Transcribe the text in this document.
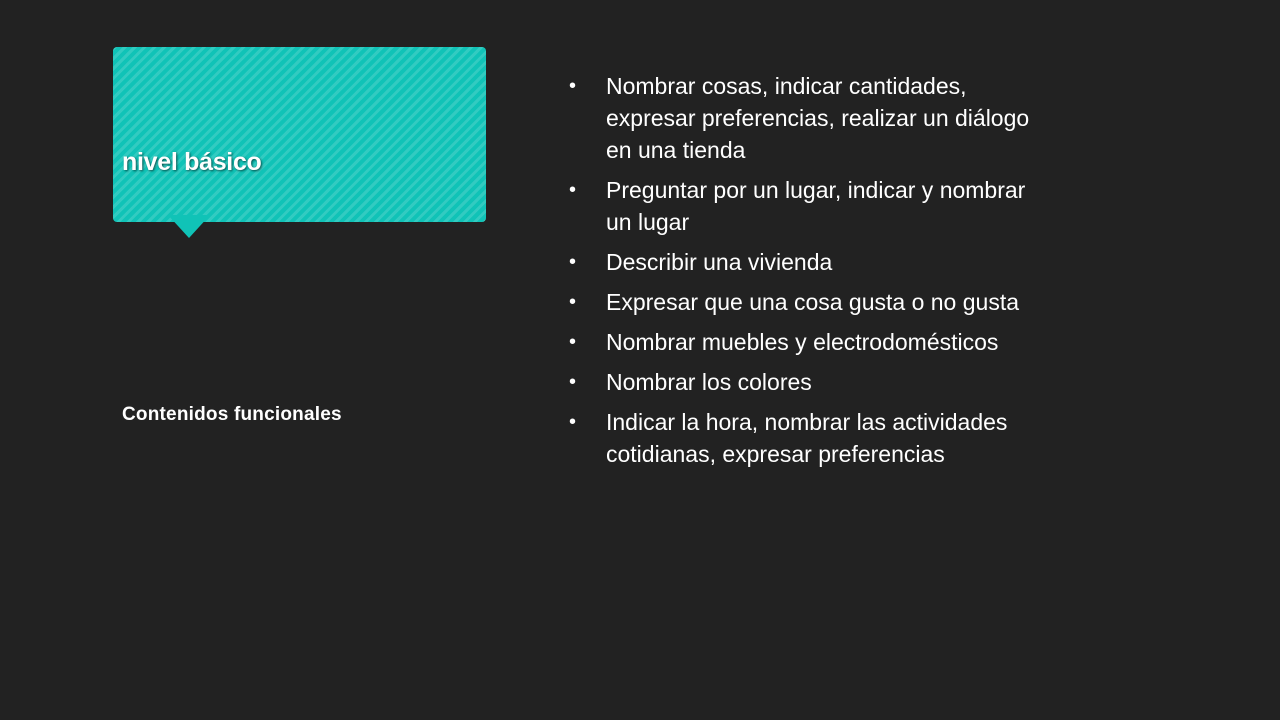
nivel básico
Contenidos funcionales
• Nombrar cosas, indicar cantidades, expresar preferencias, realizar un diálogo en una tienda
• Preguntar por un lugar, indicar y nombrar un lugar
• Describir una vivienda
• Expresar que una cosa gusta o no gusta
• Nombrar muebles y electrodomésticos
• Nombrar los colores
• Indicar la hora, nombrar las actividades cotidianas, expresar preferencias
